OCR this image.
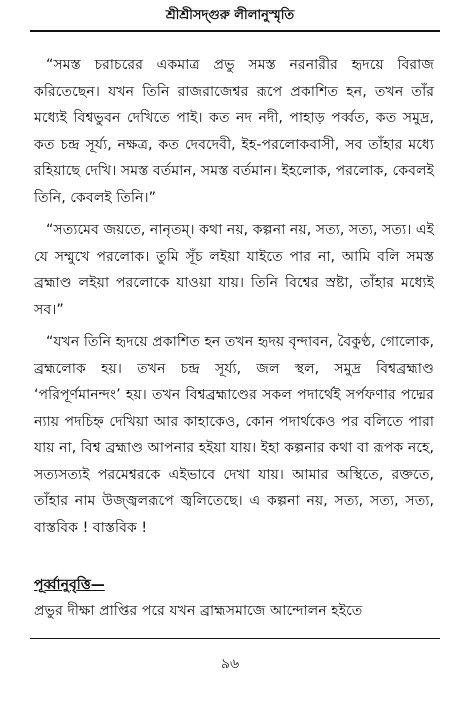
শ্রীশ্রীসদ্গুরু লীলানুস্মৃতি

“সমস্ত চরাচরের একমাত্র প্রভু সমস্ত নরনারীর হৃদয়ে বিরাজ করিতেছেন। যখন তিনি রাজরাজেশ্বর রূপে প্রকাশিত হন, তখন তাঁর মধ্যেই বিশ্বভুবন দেখিতে পাই। কত নদ নদী, পাহাড় পর্ব্বত, কত সমুদ্র, কত চন্দ্র সূর্য্য, নক্ষত্র, কত দেবদেবী, ইহ-পরলোকবাসী, সব তাঁহার মধ্যে রহিয়াছে দেখি। সমস্ত বর্তমান, সমস্ত বর্তমান। ইহলোক, পরলোক, কেবলই তিনি, কেবলই তিনি।”

“সত্যমেব জয়তে, নানৃতম্। কথা নয়, কল্পনা নয়, সত্য, সত্য, সত্য। এই যে সম্মুখে পরলোক। তুমি সূঁচ লইয়া যাইতে পার না, আমি বলি সমস্ত ব্রহ্মাণ্ড লইয়া পরলোকে যাওয়া যায়। তিনি বিশ্বের স্রষ্টা, তাঁহার মধ্যেই সব।”

“যখন তিনি হৃদয়ে প্রকাশিত হন তখন হৃদয় বৃন্দাবন, বৈকুণ্ঠ, গোলোক, ব্রহ্মলোক হয়। তখন চন্দ্র সূর্য্য, জল স্থল, সমুদ্র বিশ্বব্রহ্মাণ্ড ‘পরিপূর্ণমানন্দং’ হয়। তখন বিশ্বব্রহ্মাণ্ডের সকল পদার্থেই সর্পফণার পদ্মের ন্যায় পদচিহ্ন দেখিয়া আর কাহাকেও, কোন পদার্থকেও পর বলিতে পারা যায় না, বিশ্ব ব্রহ্মাণ্ড আপনার হইয়া যায়। ইহা কল্পনার কথা বা রূপক নহে, সত্যসত্যই পরমেশ্বরকে এইভাবে দেখা যায়। আমার অস্থিতে, রক্ততে, তাঁহার নাম উজ্জ্বলরূপে জ্বলিতেছে। এ কল্পনা নয়, সত্য, সত্য, সত্য, বাস্তবিক ! বাস্তবিক !

পূর্ব্বানুবৃত্তি—
প্রভুর দীক্ষা প্রাপ্তির পরে যখন ব্রাহ্মসমাজে আন্দোলন হইতে
৯৬
